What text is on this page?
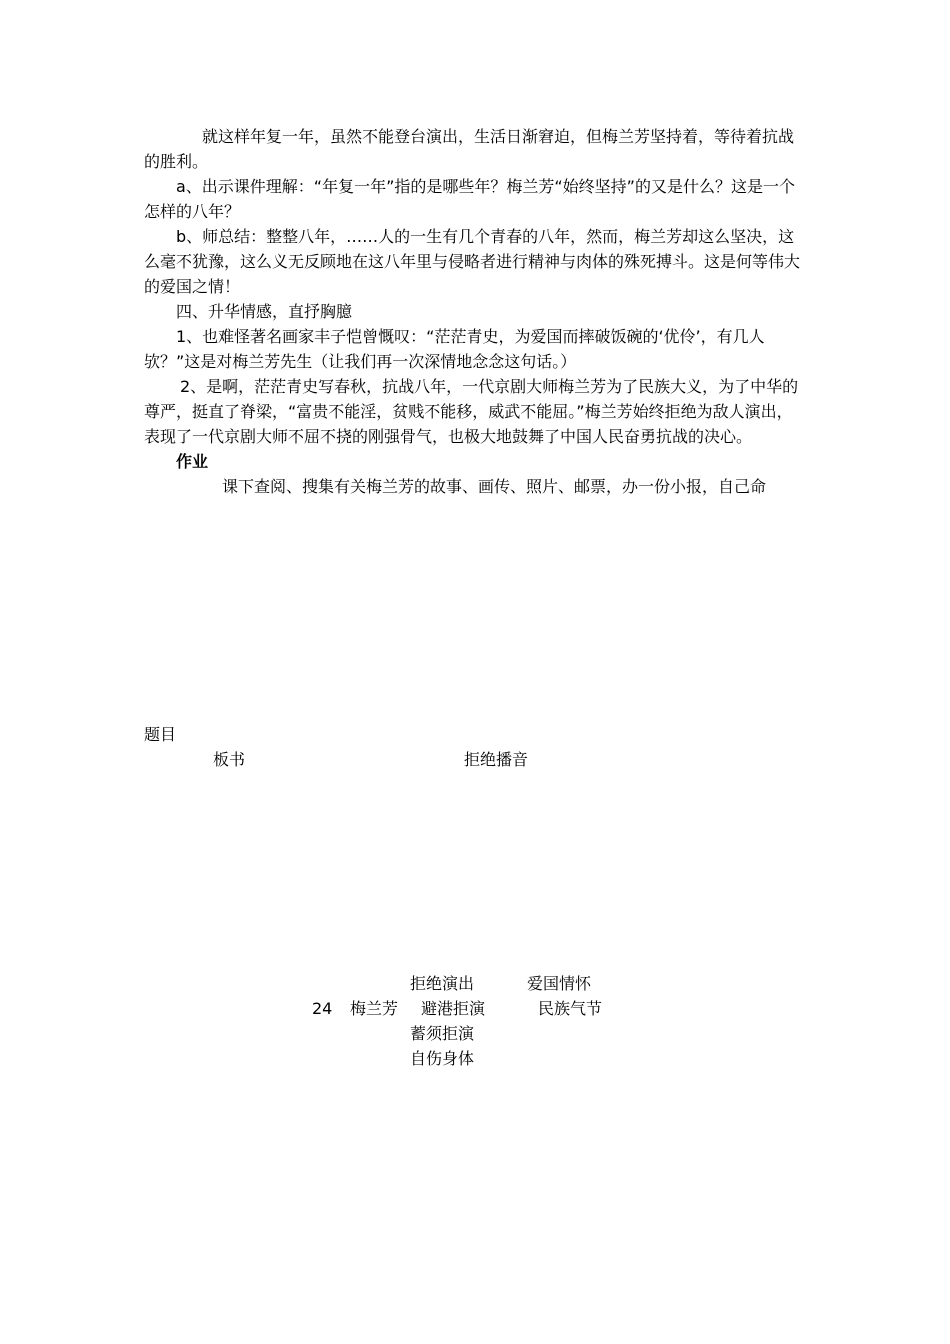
就这样年复一年，虽然不能登台演出，生活日渐窘迫，但梅兰芳坚持着，等待着抗战的胜利。

a、出示课件理解：“年复一年”指的是哪些年？梅兰芳“始终坚持”的又是什么？这是一个怎样的八年？

b、师总结：整整八年，……人的一生有几个青春的八年，然而，梅兰芳却这么坚决，这么毫不犹豫，这么义无反顾地在这八年里与侵略者进行精神与肉体的殊死搏斗。这是何等伟大的爱国之情！

四、升华情感，直抒胸臆

1、也难怪著名画家丰子恺曾慨叹：“茫茫青史，为爱国而摔破饭碗的‘优伶’，有几人欤？”这是对梅兰芳先生（让我们再一次深情地念念这句话。）

2、是啊，茫茫青史写春秋，抗战八年，一代京剧大师梅兰芳为了民族大义，为了中华的尊严，挺直了脊梁，“富贵不能淫，贫贱不能移，威武不能屈。”梅兰芳始终拒绝为敌人演出，表现了一代京剧大师不屈不挠的刚强骨气，也极大地鼓舞了中国人民奋勇抗战的决心。

作业

课下查阅、搜集有关梅兰芳的故事、画传、照片、邮票，办一份小报，自己命

题目
板书	拒绝播音
拒绝演出	爱国情怀
24 梅兰芳 避港拒演	民族气节
蓄须拒演
自伤身体
